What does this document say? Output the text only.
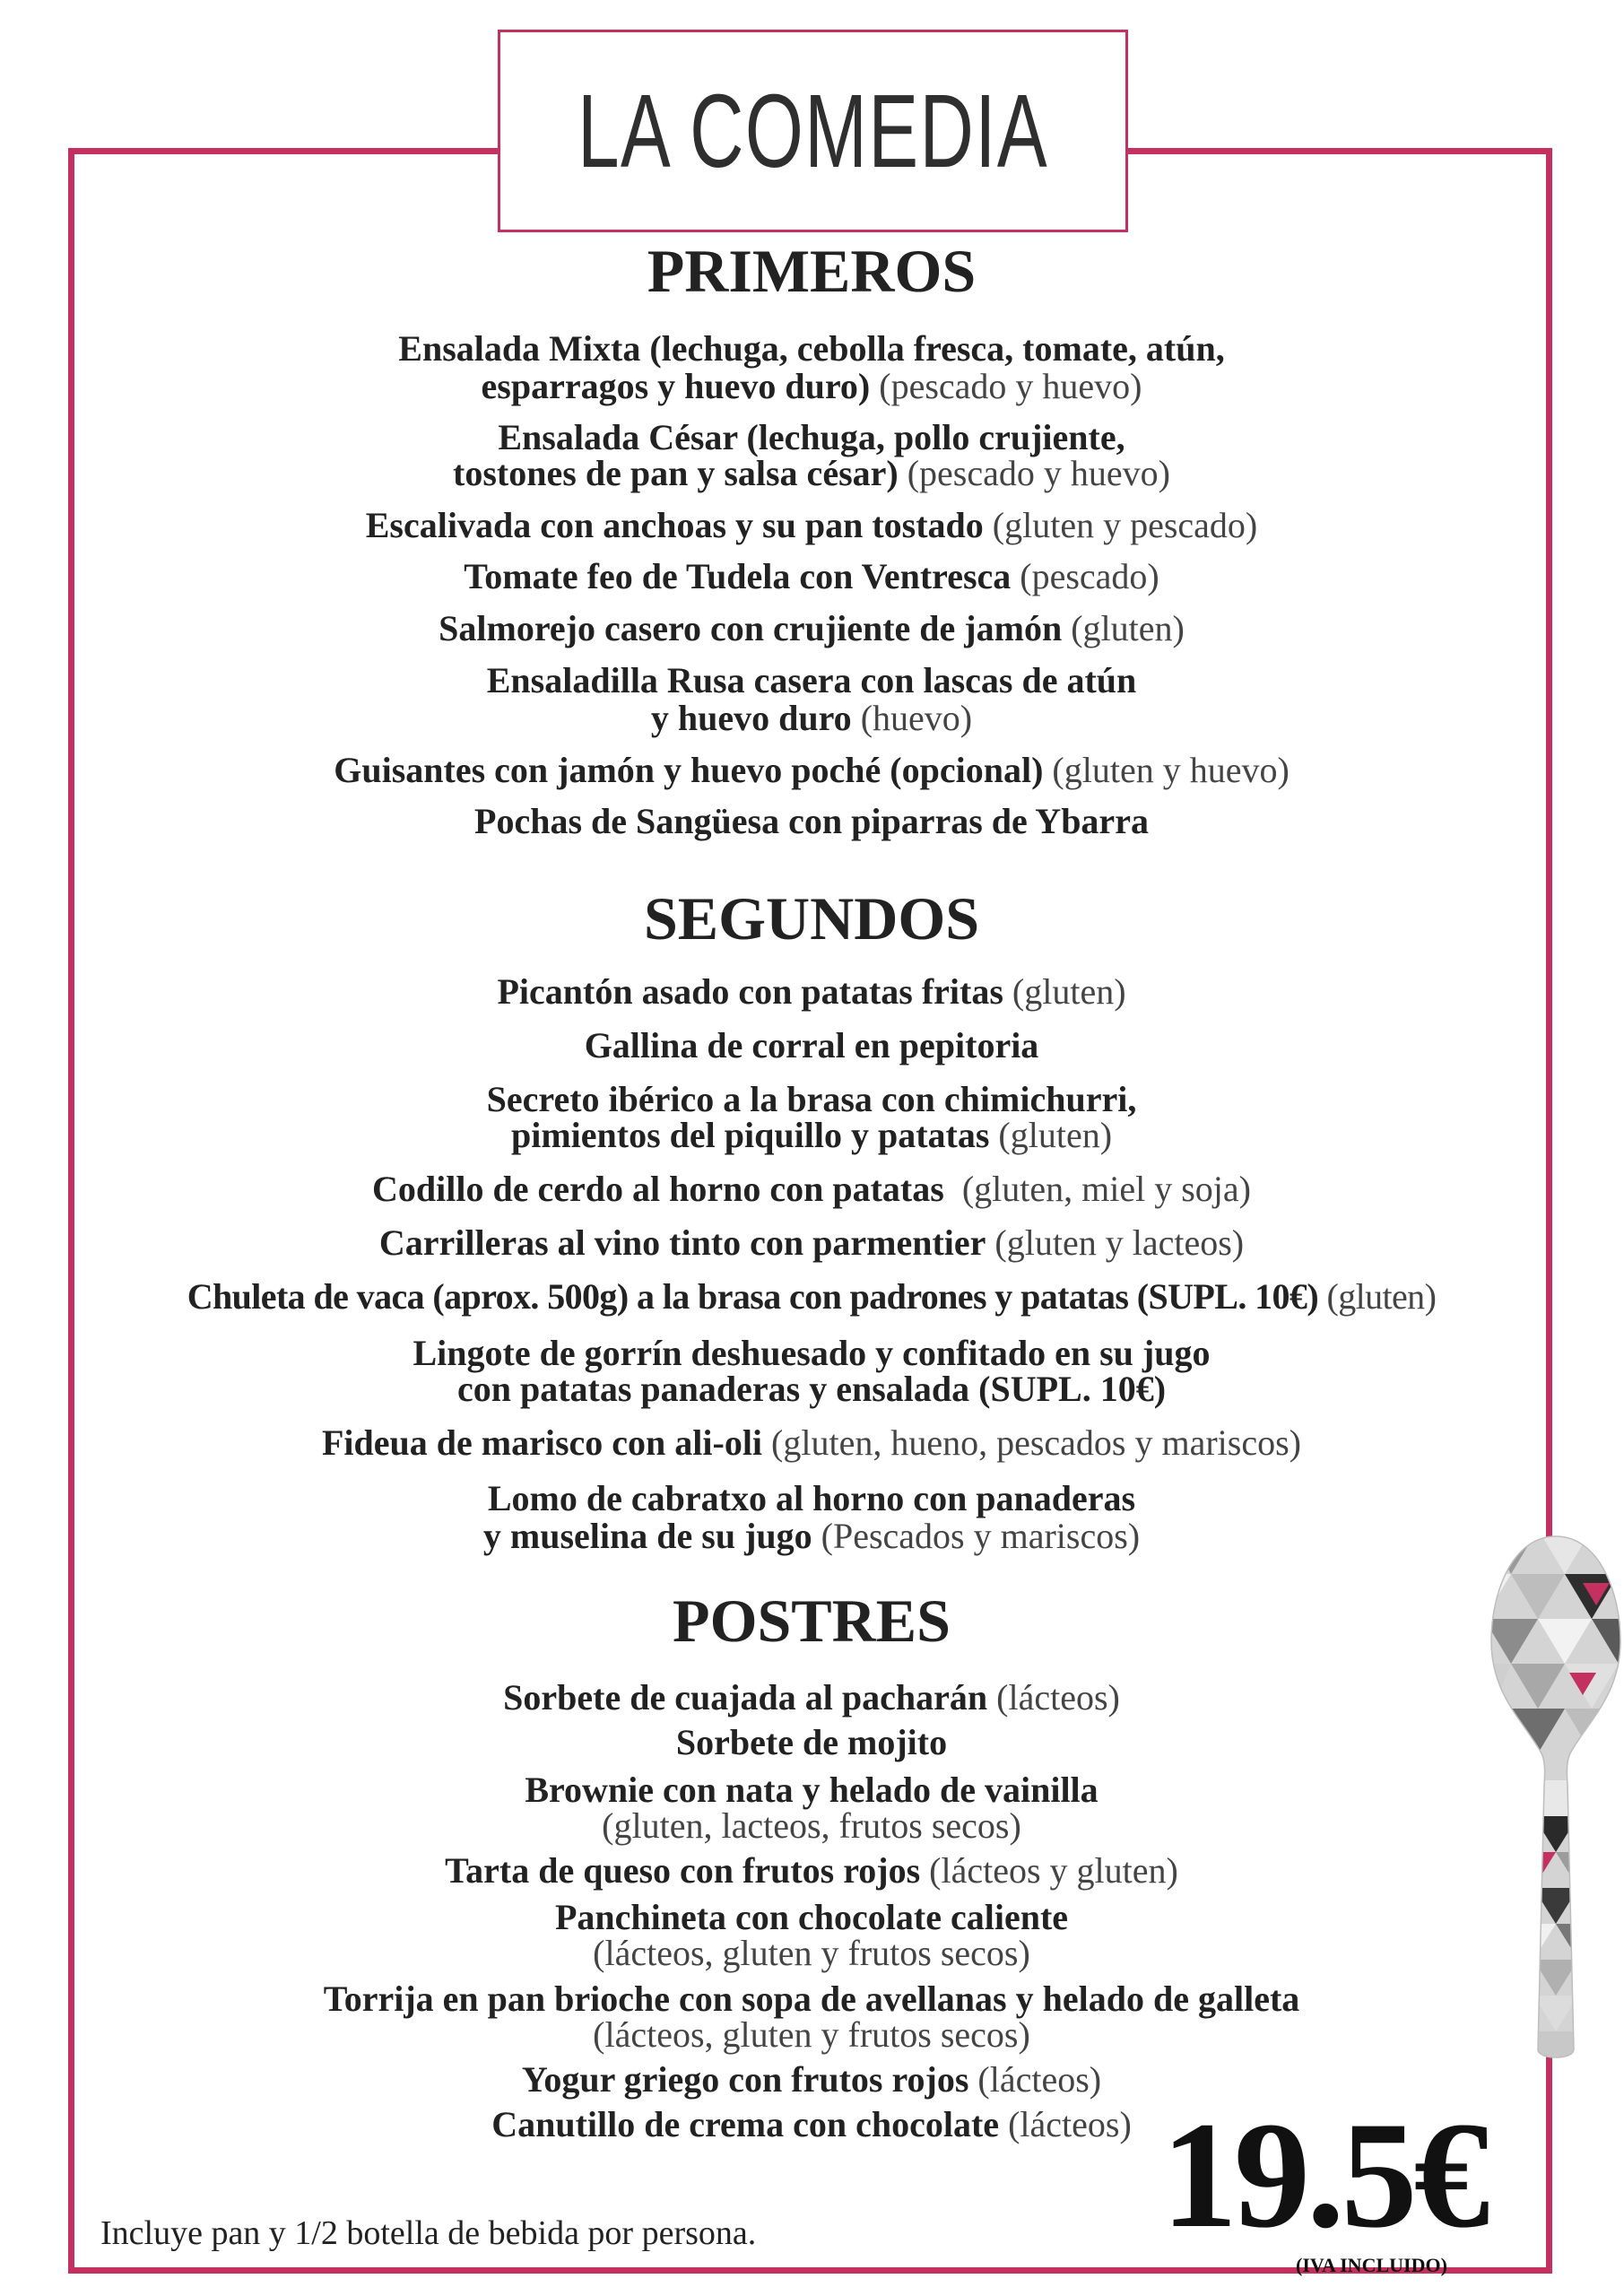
LA COMEDIA
PRIMEROS
Ensalada Mixta (lechuga, cebolla fresca, tomate, atún,
esparragos y huevo duro) (pescado y huevo)
Ensalada César (lechuga, pollo crujiente,
tostones de pan y salsa césar) (pescado y huevo)
Escalivada con anchoas y su pan tostado (gluten y pescado)
Tomate feo de Tudela con Ventresca (pescado)
Salmorejo casero con crujiente de jamón (gluten)
Ensaladilla Rusa casera con lascas de atún
y huevo duro (huevo)
Guisantes con jamón y huevo poché (opcional) (gluten y huevo)
Pochas de Sangüesa con piparras de Ybarra
SEGUNDOS
Picantón asado con patatas fritas (gluten)
Gallina de corral en pepitoria
Secreto ibérico a la brasa con chimichurri,
pimientos del piquillo y patatas (gluten)
Codillo de cerdo al horno con patatas (gluten, miel y soja)
Carrilleras al vino tinto con parmentier (gluten y lacteos)
Chuleta de vaca (aprox. 500g) a la brasa con padrones y patatas (SUPL. 10€) (gluten)
Lingote de gorrín deshuesado y confitado en su jugo
con patatas panaderas y ensalada (SUPL. 10€)
Fideua de marisco con ali-oli (gluten, hueno, pescados y mariscos)
Lomo de cabratxo al horno con panaderas
y muselina de su jugo (Pescados y mariscos)
POSTRES
Sorbete de cuajada al pacharán (lácteos)
Sorbete de mojito
Brownie con nata y helado de vainilla
(gluten, lacteos, frutos secos)
Tarta de queso con frutos rojos (lácteos y gluten)
Panchineta con chocolate caliente
(lácteos, gluten y frutos secos)
Torrija en pan brioche con sopa de avellanas y helado de galleta
(lácteos, gluten y frutos secos)
Yogur griego con frutos rojos (lácteos)
Canutillo de crema con chocolate (lácteos)
Incluye pan y 1/2 botella de bebida por persona.	19.5€
(IVA INCLUIDO)
